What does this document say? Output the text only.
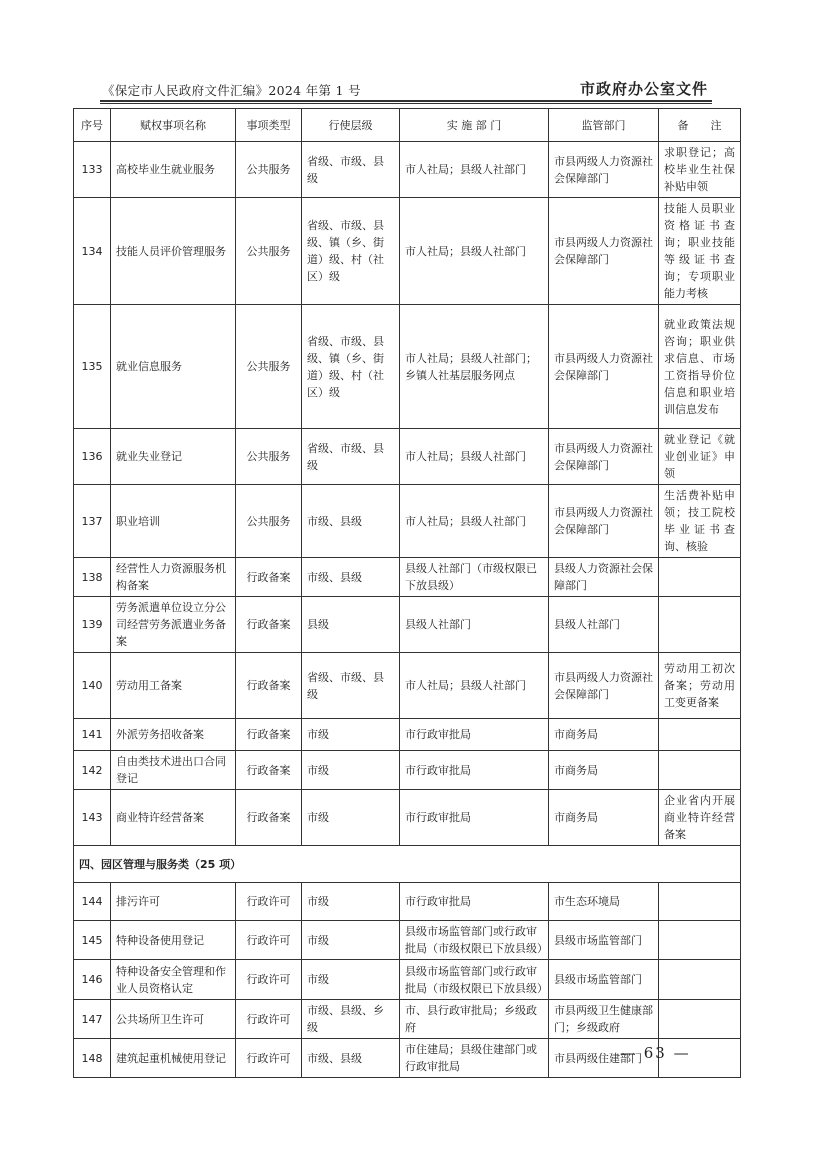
《保定市人民政府文件汇编》2024 年第 1 号	市政府办公室文件
序号	赋权事项名称	事项类型	行使层级	实 施 部 门	监管部门	备　　注
133	高校毕业生就业服务	公共服务	省级、市级、县级	市人社局；县级人社部门	市县两级人力资源社会保障部门	求职登记；高校毕业生社保补贴申领
134	技能人员评价管理服务	公共服务	省级、市级、县级、镇（乡、街道）级、村（社区）级	市人社局；县级人社部门	市县两级人力资源社会保障部门	技能人员职业资格证书查询；职业技能等级证书查询；专项职业能力考核
135	就业信息服务	公共服务	省级、市级、县级、镇（乡、街道）级、村（社区）级	市人社局；县级人社部门；乡镇人社基层服务网点	市县两级人力资源社会保障部门	就业政策法规咨询；职业供求信息、市场工资指导价位信息和职业培训信息发布
136	就业失业登记	公共服务	省级、市级、县级	市人社局；县级人社部门	市县两级人力资源社会保障部门	就业登记《就业创业证》申领
137	职业培训	公共服务	市级、县级	市人社局；县级人社部门	市县两级人力资源社会保障部门	生活费补贴申领；技工院校毕业证书查询、核验
138	经营性人力资源服务机构备案	行政备案	市级、县级	县级人社部门（市级权限已下放县级）	县级人力资源社会保障部门	
139	劳务派遣单位设立分公司经营劳务派遣业务备案	行政备案	县级	县级人社部门	县级人社部门	
140	劳动用工备案	行政备案	省级、市级、县级	市人社局；县级人社部门	市县两级人力资源社会保障部门	劳动用工初次备案；劳动用工变更备案
141	外派劳务招收备案	行政备案	市级	市行政审批局	市商务局	
142	自由类技术进出口合同登记	行政备案	市级	市行政审批局	市商务局	
143	商业特许经营备案	行政备案	市级	市行政审批局	市商务局	企业省内开展商业特许经营备案
四、园区管理与服务类（25 项）						
144	排污许可	行政许可	市级	市行政审批局	市生态环境局	
145	特种设备使用登记	行政许可	市级	县级市场监管部门或行政审批局（市级权限已下放县级）	县级市场监管部门	
146	特种设备安全管理和作业人员资格认定	行政许可	市级	县级市场监管部门或行政审批局（市级权限已下放县级）	县级市场监管部门	
147	公共场所卫生许可	行政许可	市级、县级、乡级	市、县行政审批局；乡级政府	市县两级卫生健康部门；乡级政府	
148	建筑起重机械使用登记	行政许可	市级、县级	市住建局；县级住建部门或行政审批局	市县两级住建部门	
— 63 —
